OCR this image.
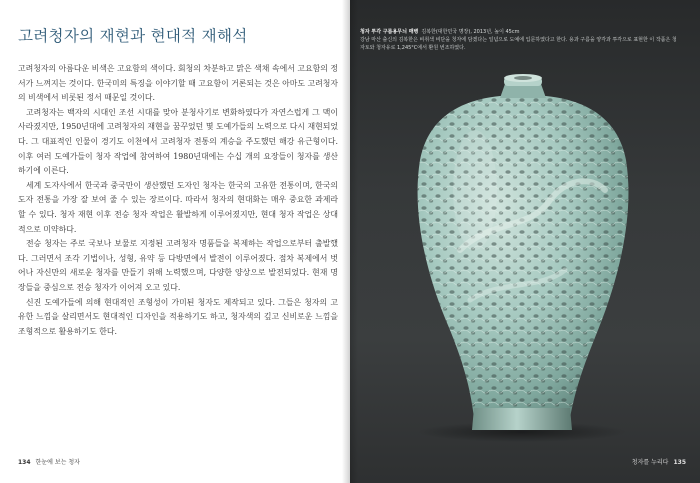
고려청자의 재현과 현대적 재해석

고려청자의 아름다운 비색은 고요함의 색이다. 회청의 차분하고 맑은 색채 속에서 고요함의 정서가 느껴지는 것이다. 한국미의 특징을 이야기할 때 고요함이 거론되는 것은 아마도 고려청자의 비색에서 비롯된 정서 때문일 것이다.

고려청자는 백자의 시대인 조선 시대를 맞아 분청사기로 변화하였다가 자연스럽게 그 맥이 사라졌지만, 1950년대에 고려청자의 재현을 꿈꾸었던 몇 도예가들의 노력으로 다시 재현되었다. 그 대표적인 인물이 경기도 이천에서 고려청자 전통의 계승을 주도했던 해강 유근형이다. 이후 여러 도예가들이 청자 작업에 참여하여 1980년대에는 수십 개의 요장들이 청자를 생산하기에 이른다.

세계 도자사에서 한국과 중국만이 생산했던 도자인 청자는 한국의 고유한 전통이며, 한국의 도자 전통을 가장 잘 보여 줄 수 있는 장르이다. 따라서 청자의 현대화는 매우 중요한 과제라 할 수 있다. 청자 재현 이후 전승 청자 작업은 활발하게 이루어졌지만, 현대 청자 작업은 상대적으로 미약하다.

전승 청자는 주로 국보나 보물로 지정된 고려청자 명품들을 복제하는 작업으로부터 출발했다. 그러면서 조각 기법이나, 성형, 유약 등 다방면에서 발전이 이루어졌다. 점차 복제에서 벗어나 자신만의 새로운 청자를 만들기 위해 노력했으며, 다양한 양상으로 발전되었다. 현재 명장들을 중심으로 전승 청자가 이어져 오고 있다.

신진 도예가들에 의해 현대적인 조형성이 가미된 청자도 제작되고 있다. 그들은 청자의 고유한 느낌을 살리면서도 현대적인 디자인을 적용하기도 하고, 청자색의 깊고 신비로운 느낌을 조형적으로 활용하기도 한다.

134 한눈에 보는 청자
청자 투각 구름용무늬 매병 김복한(대한민국 명장), 2013년, 높이 45cm
강남 마산 출신의 김복한은 비취색 비단을 청자에 담겠다는 일념으로 도예에 입문하였다고 한다. 용과 구름을 양각과 투각으로 표현한 이 작품은 청자토와 청자유로 1,245°C에서 환원 번조하였다.
청자를 누리다 135
